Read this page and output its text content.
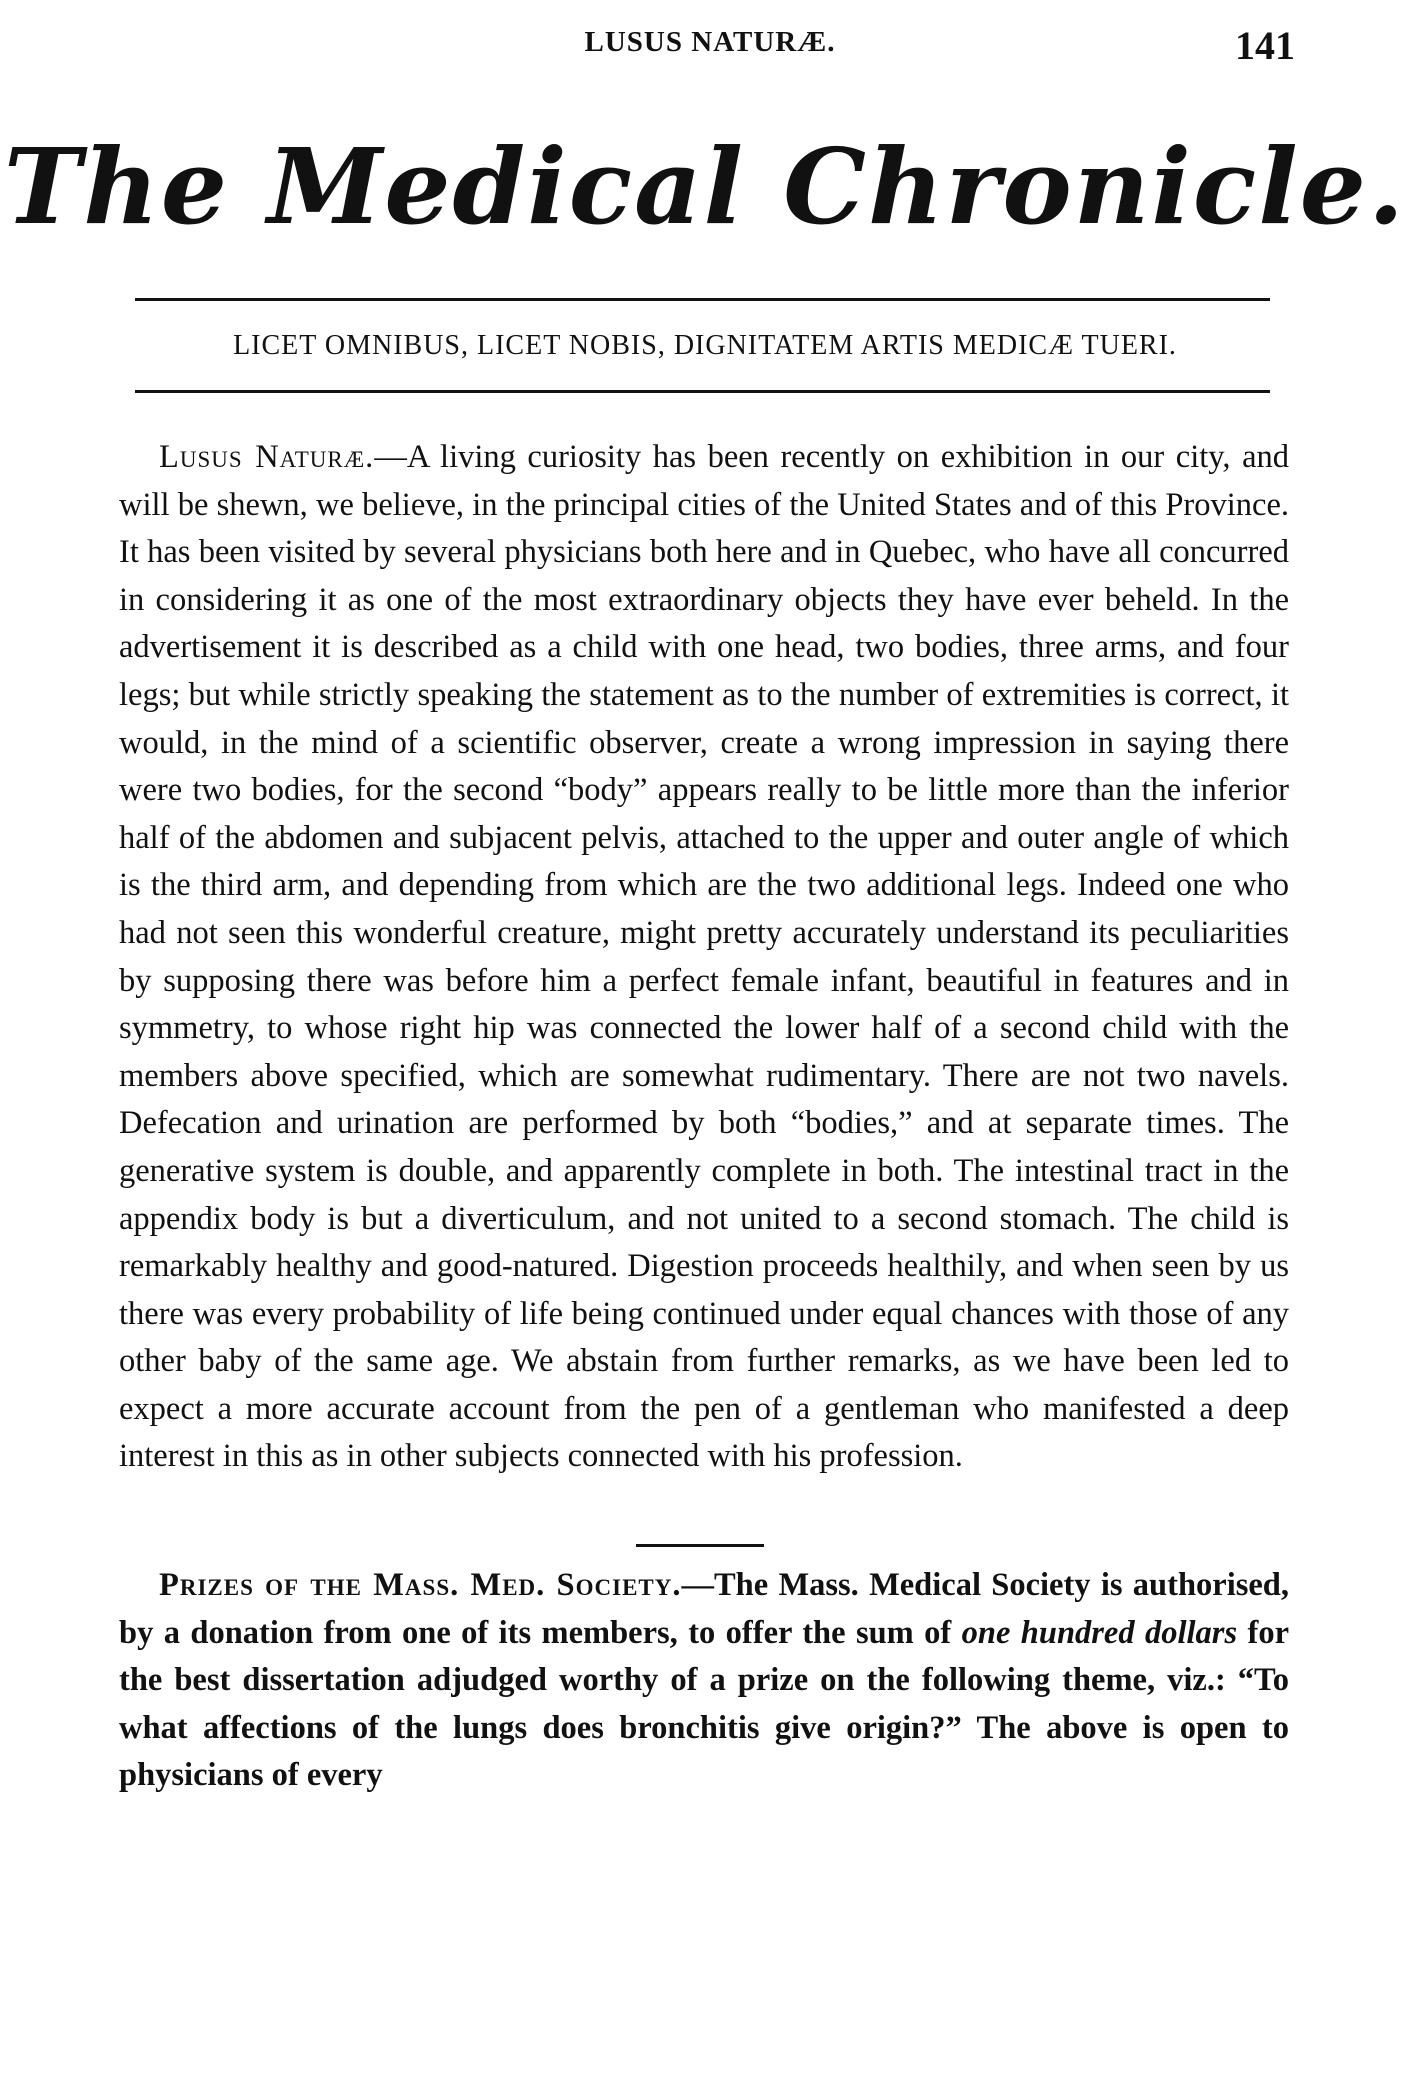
LUSUS NATURÆ.	141
The Medical Chronicle.
LICET OMNIBUS, LICET NOBIS, DIGNITATEM ARTIS MEDICÆ TUERI.

Lusus Naturæ.—A living curiosity has been recently on exhibition in our city, and will be shewn, we believe, in the principal cities of the United States and of this Province. It has been visited by several physicians both here and in Quebec, who have all concurred in considering it as one of the most extraordinary objects they have ever beheld. In the advertisement it is described as a child with one head, two bodies, three arms, and four legs; but while strictly speaking the statement as to the number of extremities is correct, it would, in the mind of a scientific observer, create a wrong impression in saying there were two bodies, for the second “body” appears really to be little more than the inferior half of the abdomen and subjacent pelvis, attached to the upper and outer angle of which is the third arm, and depending from which are the two additional legs. Indeed one who had not seen this wonderful creature, might pretty accurately understand its peculiarities by supposing there was before him a perfect female infant, beautiful in features and in symmetry, to whose right hip was connected the lower half of a second child with the members above specified, which are somewhat rudimentary. There are not two navels. Defecation and urination are performed by both “bodies,” and at separate times. The generative system is double, and apparently complete in both. The intestinal tract in the appendix body is but a diverticulum, and not united to a second stomach. The child is remarkably healthy and good-natured. Digestion proceeds healthily, and when seen by us there was every probability of life being continued under equal chances with those of any other baby of the same age. We abstain from further remarks, as we have been led to expect a more accurate account from the pen of a gentleman who manifested a deep interest in this as in other subjects connected with his profession.

Prizes of the Mass. Med. Society.—The Mass. Medical Society is authorised, by a donation from one of its members, to offer the sum of one hundred dollars for the best dissertation adjudged worthy of a prize on the following theme, viz.: “To what affections of the lungs does bronchitis give origin?” The above is open to physicians of every
